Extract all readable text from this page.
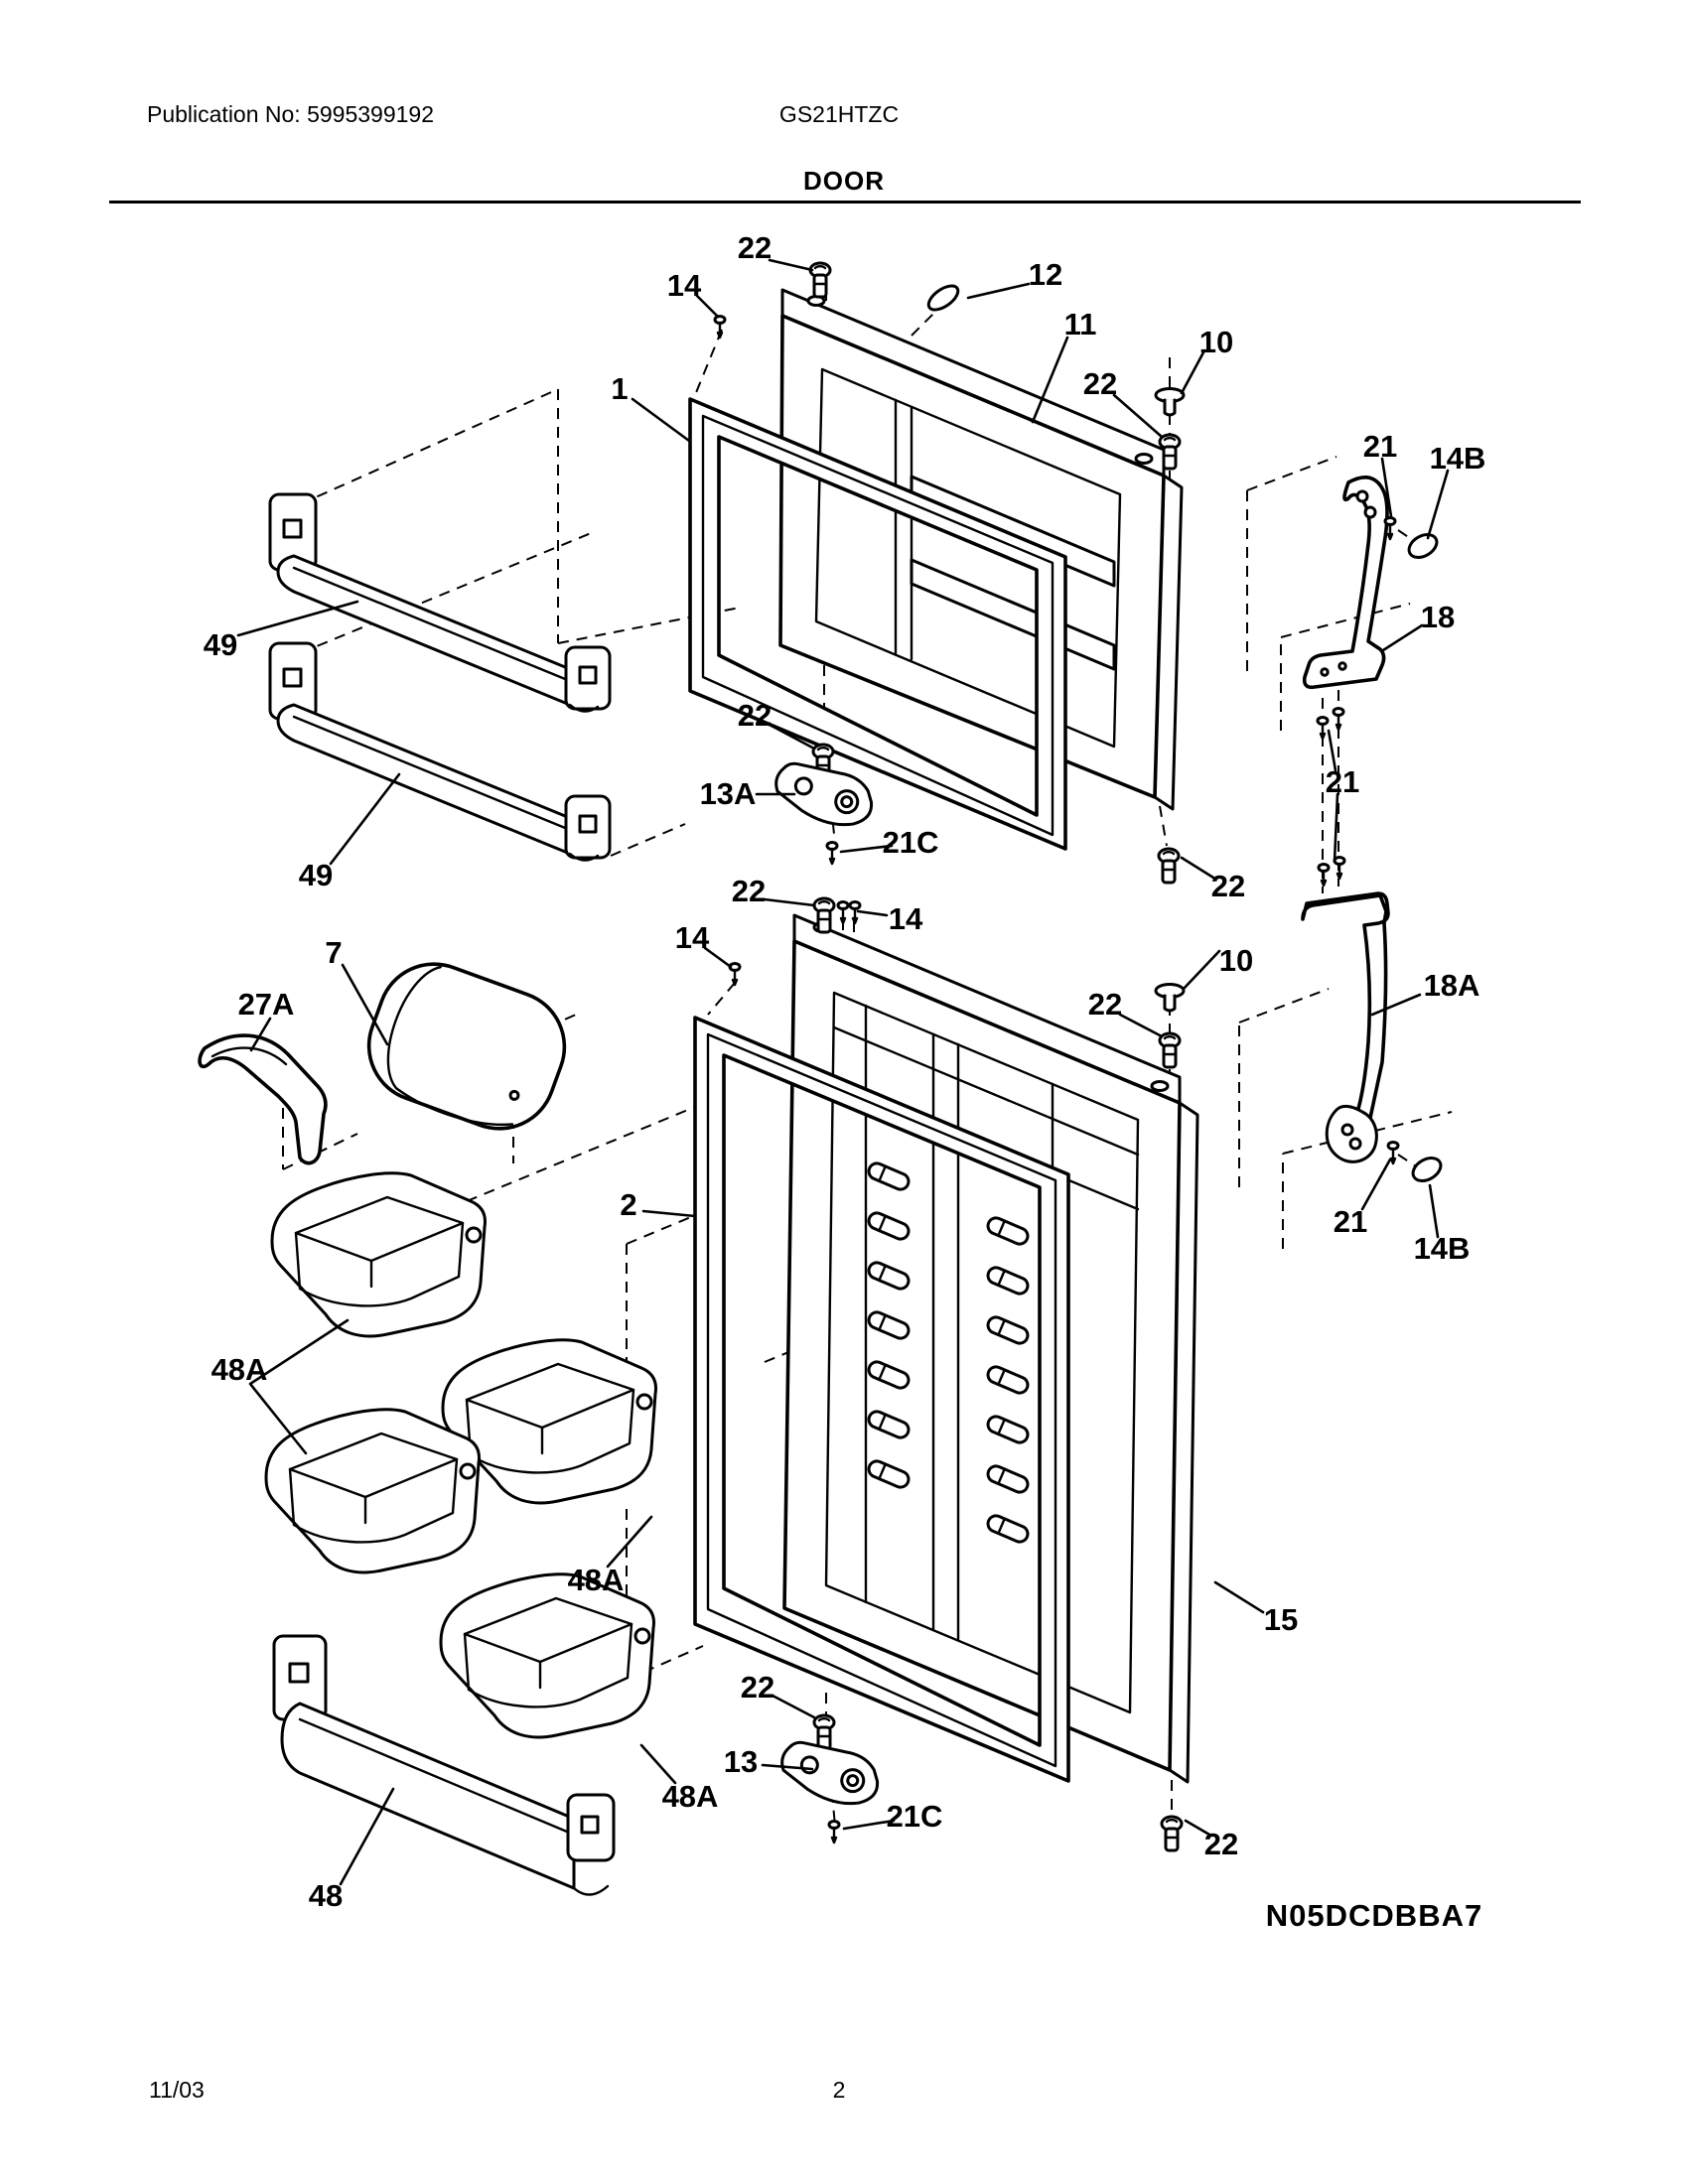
Publication No: 5995399192	GS21HTZC
DOOR
22
14	12
11
10
22
21 14B
1
18
49
22
13A	21
21C
49	22
22
14
14
7	10
18A
27A	22
2	21
14B
48A
48A
15
22
13
48A
21C
22
48
N05DCDBBA7
11/03	2
